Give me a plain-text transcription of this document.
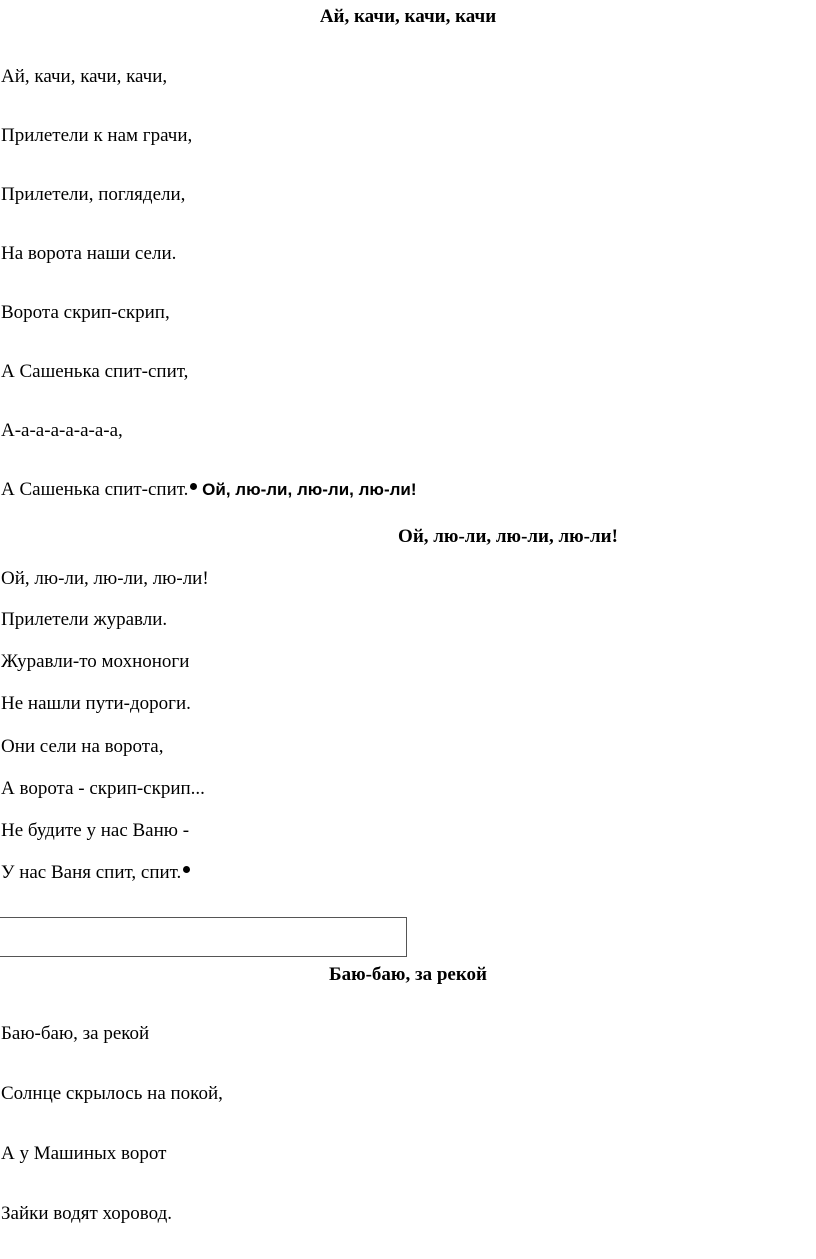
Ай, качи, качи, качи
Ай, качи, качи, качи,
Прилетели к нам грачи,
Прилетели, поглядели,
На ворота наши сели.
Ворота скрип-скрип,
А Сашенька спит-спит,
А-а-а-а-а-а-а-а,
А Сашенька спит-спит. Ой, лю-ли, лю-ли, лю-ли!
Ой, лю-ли, лю-ли, лю-ли!
Ой, лю-ли, лю-ли, лю-ли!
Прилетели журавли.
Журавли-то мохноноги
Не нашли пути-дороги.
Они сели на ворота,
А ворота - скрип-скрип...
Не будите у нас Ваню -
У нас Ваня спит, спит.
Баю-баю, за рекой
Баю-баю, за рекой
Солнце скрылось на покой,
А у Машиных ворот
Зайки водят хоровод.
